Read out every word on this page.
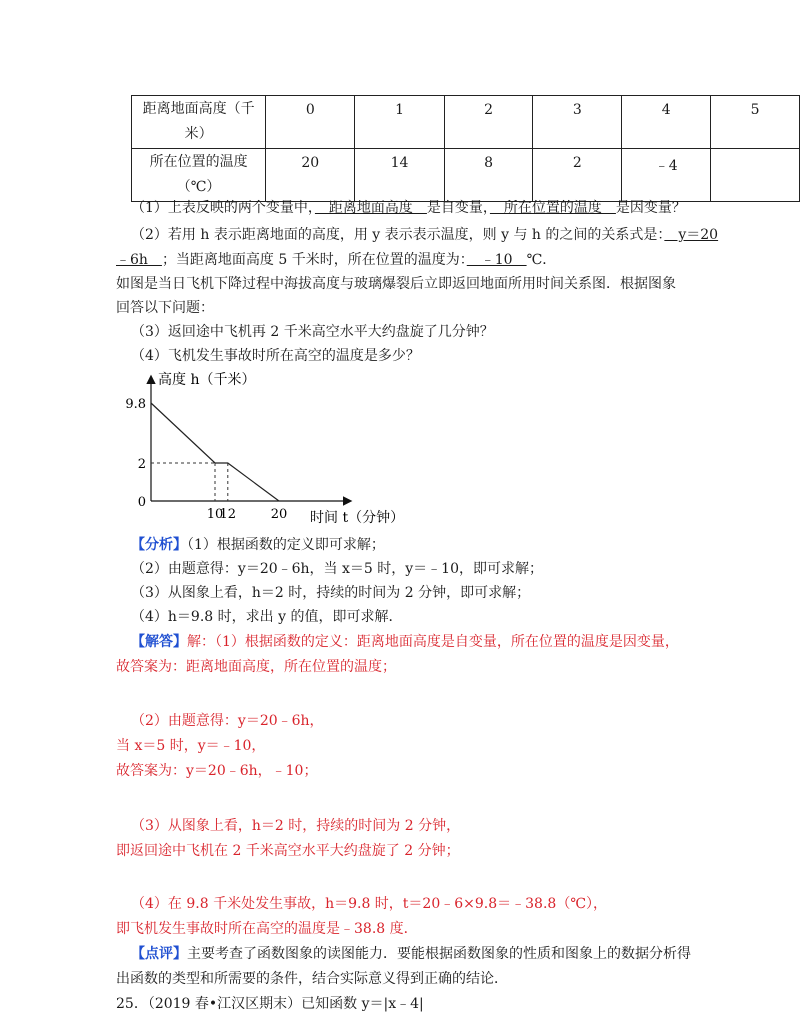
距离地面高度（千米）	0	1	2	3	4	5
所在位置的温度（℃）	20	14	8	2	﹣4	
（1）上表反映的两个变量中，　距离地面高度　是自变量，　所在位置的温度　是因变量？
（2）若用 h 表示距离地面的高度，用 y 表示表示温度，则 y 与 h 的之间的关系式是：　y＝20
﹣6h　；当距离地面高度 5 千米时，所在位置的温度为：　﹣10　℃．
如图是当日飞机下降过程中海拔高度与玻璃爆裂后立即返回地面所用时间关系图．根据图象
回答以下问题：
（3）返回途中飞机再 2 千米高空水平大约盘旋了几分钟？
（4）飞机发生事故时所在高空的温度是多少？
高度 h（千米）
时间 t（分钟）
9.8
2
0
10
12	20
【分析】（1）根据函数的定义即可求解；
（2）由题意得：y＝20﹣6h，当 x＝5 时，y＝﹣10，即可求解；
（3）从图象上看，h＝2 时，持续的时间为 2 分钟，即可求解；
（4）h＝9.8 时，求出 y 的值，即可求解．
【解答】解：（1）根据函数的定义：距离地面高度是自变量，所在位置的温度是因变量，
故答案为：距离地面高度，所在位置的温度；
（2）由题意得：y＝20﹣6h，
当 x＝5 时，y＝﹣10，
故答案为：y＝20﹣6h，﹣10；
（3）从图象上看，h＝2 时，持续的时间为 2 分钟，
即返回途中飞机在 2 千米高空水平大约盘旋了 2 分钟；
（4）在 9.8 千米处发生事故，h＝9.8 时，t＝20﹣6×9.8＝﹣38.8（℃），
即飞机发生事故时所在高空的温度是﹣38.8 度．
【点评】主要考查了函数图象的读图能力．要能根据函数图象的性质和图象上的数据分析得
出函数的类型和所需要的条件，结合实际意义得到正确的结论．
25．（2019 春•江汉区期末）已知函数 y＝|x﹣4|
